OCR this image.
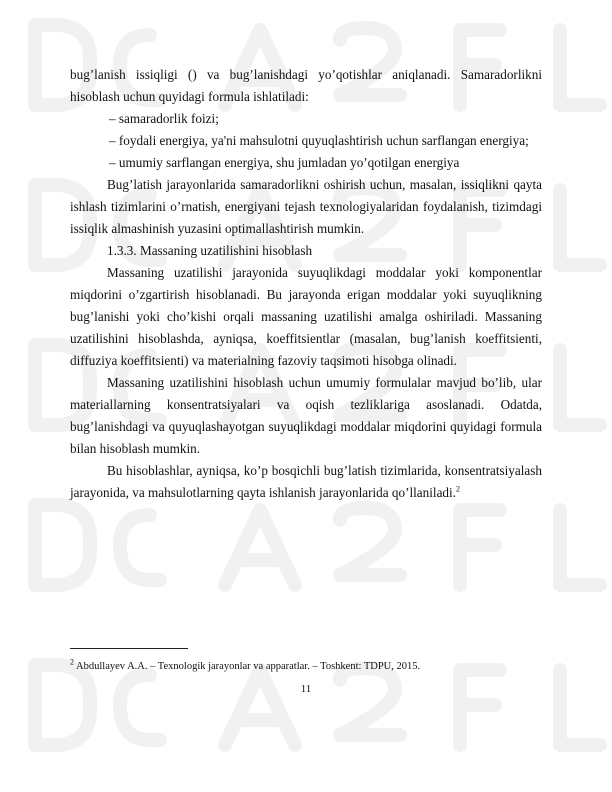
bug’lanish issiqligi () va bug’lanishdagi yo’qotishlar aniqlanadi. Samaradorlikni hisoblash uchun quyidagi formula ishlatiladi:

– samaradorlik foizi;

– foydali energiya, ya'ni mahsulotni quyuqlashtirish uchun sarflangan energiya;

– umumiy sarflangan energiya, shu jumladan yo’qotilgan energiya

Bug’latish jarayonlarida samaradorlikni oshirish uchun, masalan, issiqlikni qayta ishlash tizimlarini o’rnatish, energiyani tejash texnologiyalaridan foydalanish, tizimdagi issiqlik almashinish yuzasini optimallashtirish mumkin.

1.3.3. Massaning uzatilishini hisoblash

Massaning uzatilishi jarayonida suyuqlikdagi moddalar yoki komponentlar miqdorini o’zgartirish hisoblanadi. Bu jarayonda erigan moddalar yoki suyuqlikning bug’lanishi yoki cho’kishi orqali massaning uzatilishi amalga oshiriladi. Massaning uzatilishini hisoblashda, ayniqsa, koeffitsientlar (masalan, bug’lanish koeffitsienti, diffuziya koeffitsienti) va materialning fazoviy taqsimoti hisobga olinadi.

Massaning uzatilishini hisoblash uchun umumiy formulalar mavjud bo’lib, ular materiallarning konsentratsiyalari va oqish tezliklariga asoslanadi. Odatda, bug’lanishdagi va quyuqlashayotgan suyuqlikdagi moddalar miqdorini quyidagi formula bilan hisoblash mumkin.

Bu hisoblashlar, ayniqsa, ko’p bosqichli bug’latish tizimlarida, konsentratsiyalash jarayonida, va mahsulotlarning qayta ishlanish jarayonlarida qo’llaniladi.$^2$

$^2$ Abdullayev A.A. – Texnologik jarayonlar va apparatlar. – Toshkent: TDPU, 2015.
11
